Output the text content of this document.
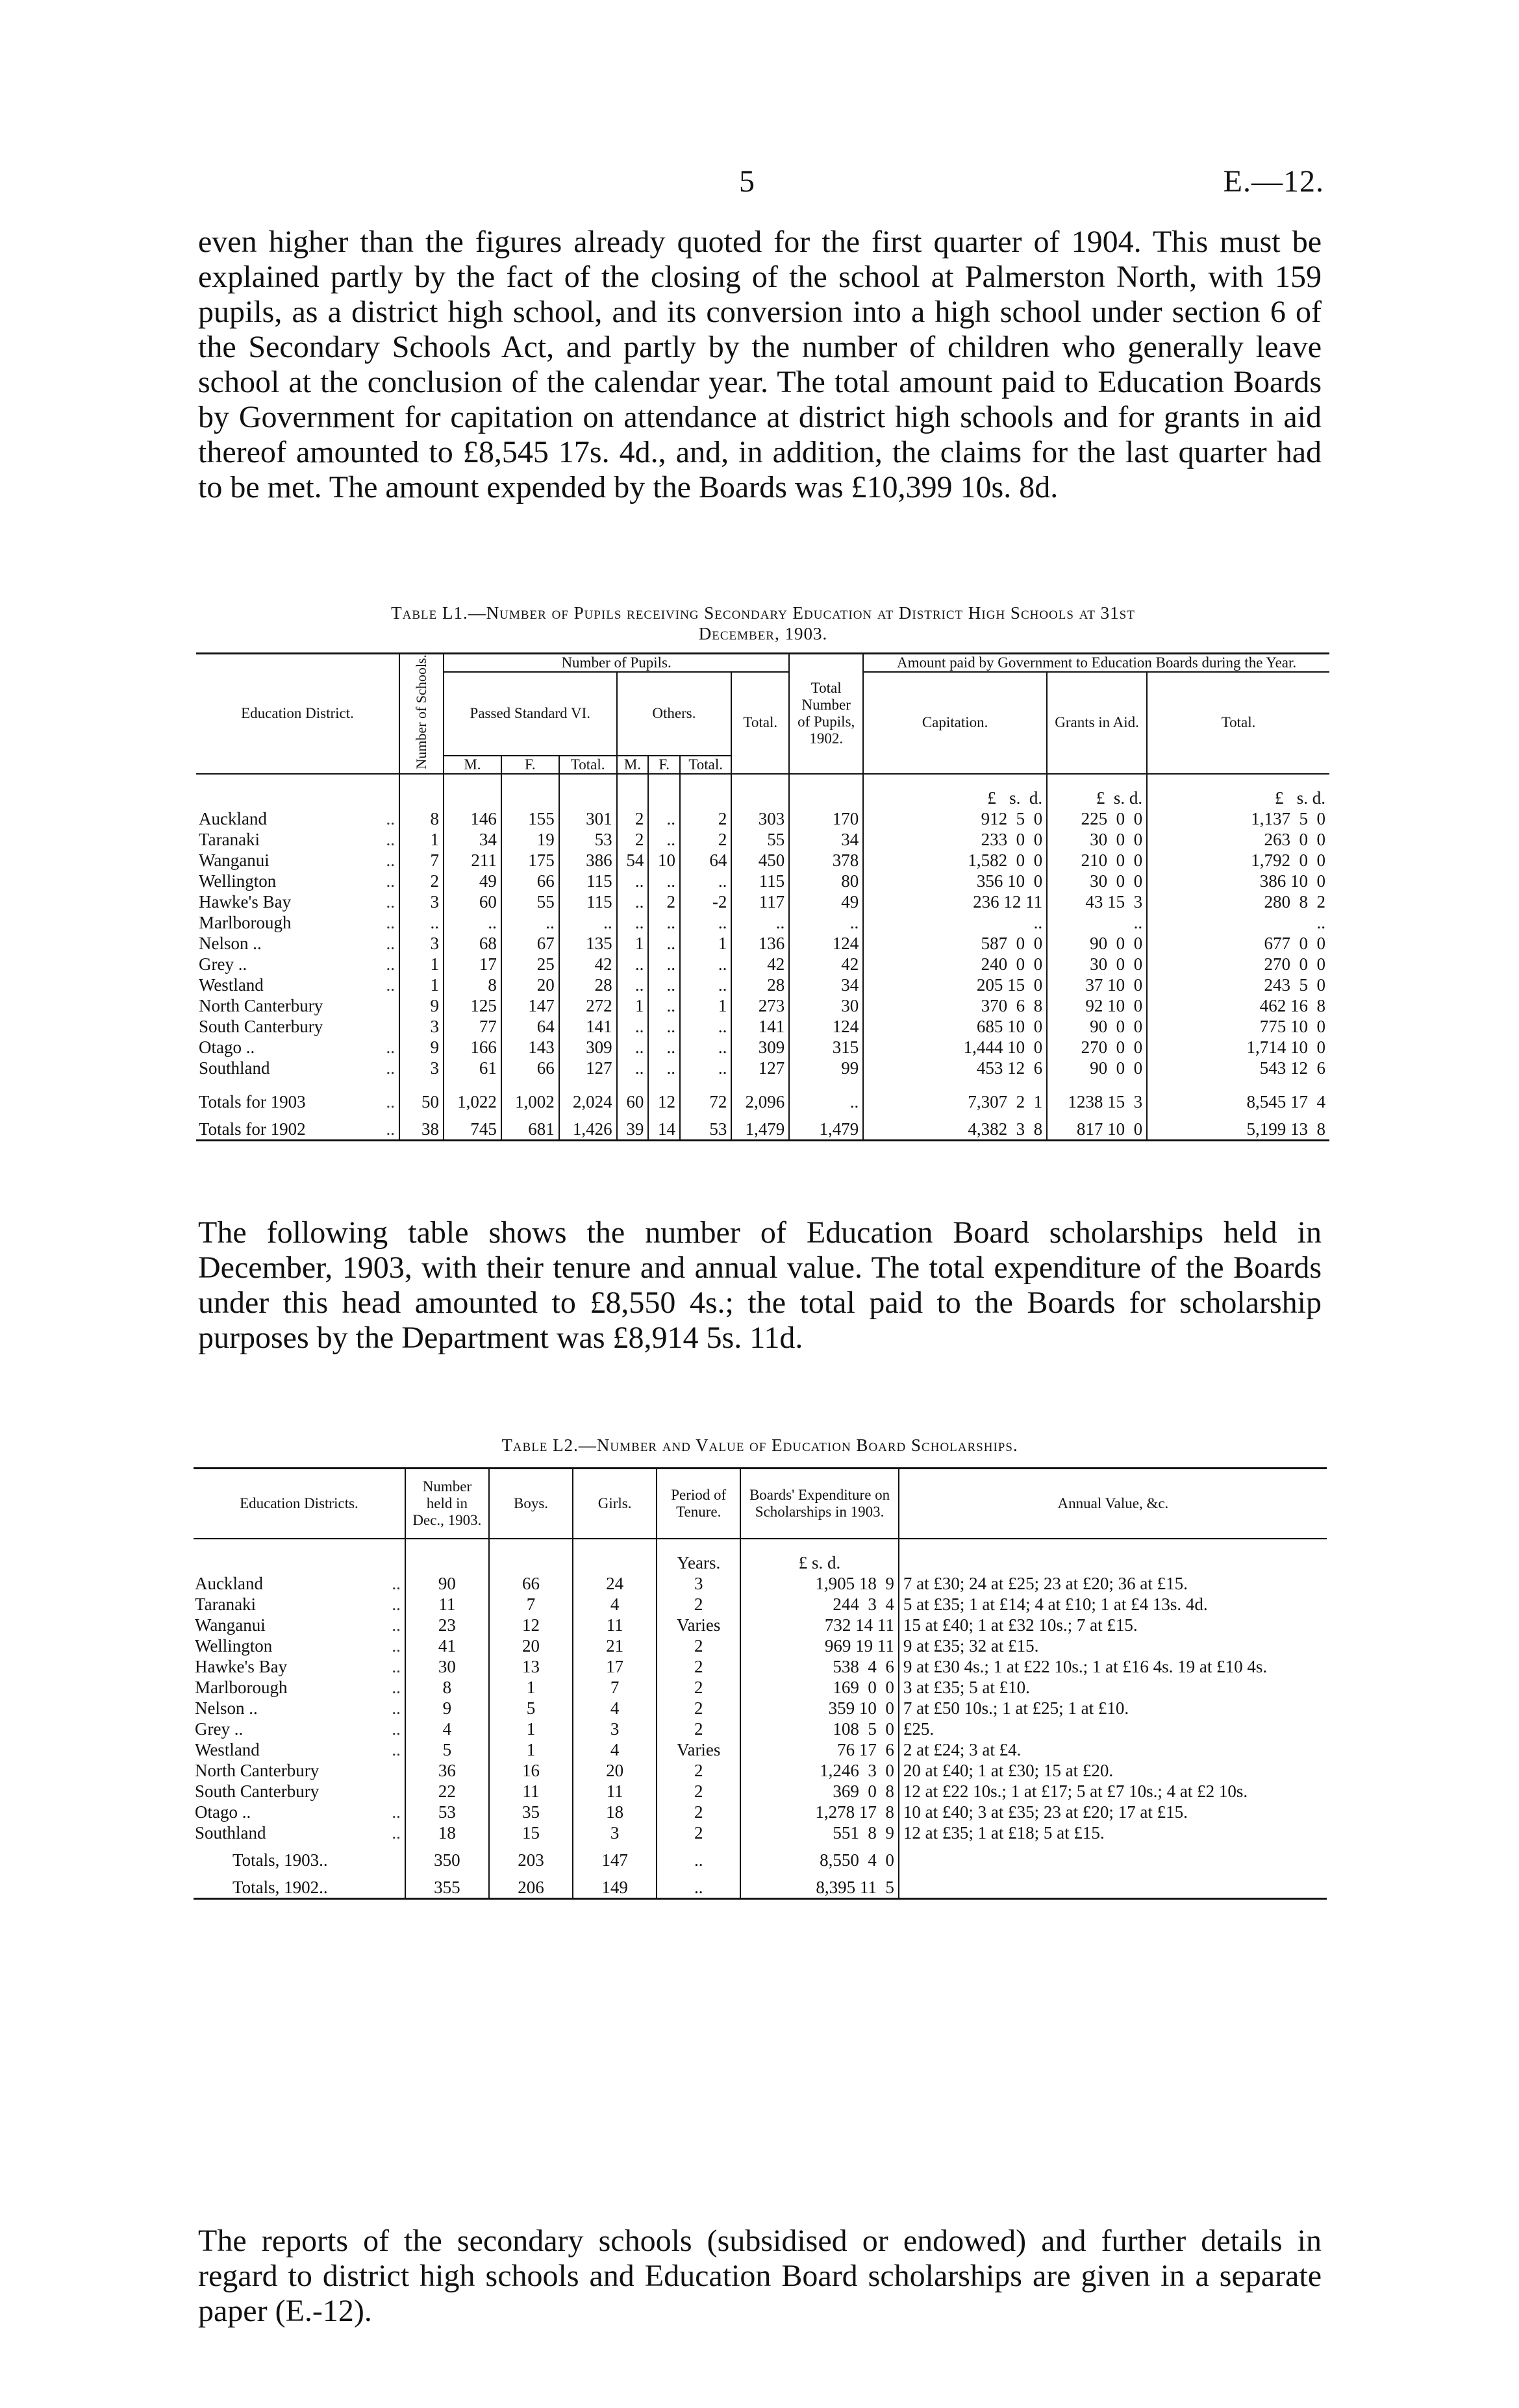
5	E.—12.

even higher than the figures already quoted for the first quarter of 1904. This must be explained partly by the fact of the closing of the school at Palmerston North, with 159 pupils, as a district high school, and its conversion into a high school under section 6 of the Secondary Schools Act, and partly by the number of children who generally leave school at the conclusion of the calendar year. The total amount paid to Education Boards by Government for capitation on attendance at district high schools and for grants in aid thereof amounted to £8,545 17s. 4d., and, in addition, the claims for the last quarter had to be met. The amount expended by the Boards was £10,399 10s. 8d.

Table L1.—Number of Pupils receiving Secondary Education at District High Schools at 31st
December, 1903.
Education District.	Number of Schools.	Number of Pupils.							Total Number of Pupils, 1902.	Amount paid by Government to Education Boards during the Year.		
		Passed Standard VI.			Others.			Total.		Capitation.	Grants in Aid.	Total.
		M.	F.	Total.	M.	F.	Total.					
										£ s. d.	£ s. d.	£ s. d.
Auckland ..	8	146	155	301	2	..	2	303	170	912  5  0	225  0  0	1,137  5  0
Taranaki ..	1	34	19	53	2	..	2	55	34	233  0  0	30  0  0	263  0  0
Wanganui ..	7	211	175	386	54	10	64	450	378	1,582  0  0	210  0  0	1,792  0  0
Wellington ..	2	49	66	115	..	..	..	115	80	356 10  0	30  0  0	386 10  0
Hawke's Bay ..	3	60	55	115	..	2	-2	117	49	236 12 11	43 15  3	280  8  2
Marlborough ..	..	..	..	..	..	..	..	..	..	..	..	..
Nelson .. ..	3	68	67	135	1	..	1	136	124	587  0  0	90  0  0	677  0  0
Grey .. ..	1	17	25	42	..	..	..	42	42	240  0  0	30  0  0	270  0  0
Westland ..	1	8	20	28	..	..	..	28	34	205 15  0	37 10  0	243  5  0
North Canterbury	9	125	147	272	1	..	1	273	30	370  6  8	92 10  0	462 16  8
South Canterbury	3	77	64	141	..	..	..	141	124	685 10  0	90  0  0	775 10  0
Otago .. ..	9	166	143	309	..	..	..	309	315	1,444 10  0	270  0  0	1,714 10  0
Southland ..	3	61	66	127	..	..	..	127	99	453 12  6	90  0  0	543 12  6
Totals for 1903 ..	50	1,022	1,002	2,024	60	12	72	2,096	..	7,307  2  1	1238 15  3	8,545 17  4
Totals for 1902 ..	38	745	681	1,426	39	14	53	1,479	1,479	4,382  3  8	817 10  0	5,199 13  8

The following table shows the number of Education Board scholarships held in December, 1903, with their tenure and annual value. The total expenditure of the Boards under this head amounted to £8,550 4s.; the total paid to the Boards for scholarship purposes by the Department was £8,914 5s. 11d.

Table L2.—Number and Value of Education Board Scholarships.
Education Districts.	Number held in Dec., 1903.	Boys.	Girls.	Period of Tenure.	Boards' Expenditure on Scholarships in 1903.	Annual Value, &c.
				Years.	£ s. d.	
Auckland ..	90	66	24	3	1,905 18  9	7 at £30; 24 at £25; 23 at £20; 36 at £15.
Taranaki ..	11	7	4	2	244  3  4	5 at £35; 1 at £14; 4 at £10; 1 at £4 13s. 4d.
Wanganui ..	23	12	11	Varies	732 14 11	15 at £40; 1 at £32 10s.; 7 at £15.
Wellington ..	41	20	21	2	969 19 11	9 at £35; 32 at £15.
Hawke's Bay ..	30	13	17	2	538  4  6	9 at £30 4s.; 1 at £22 10s.; 1 at £16 4s. 19 at £10 4s.
Marlborough ..	8	1	7	2	169  0  0	3 at £35; 5 at £10.
Nelson .. ..	9	5	4	2	359 10  0	7 at £50 10s.; 1 at £25; 1 at £10.
Grey .. ..	4	1	3	2	108  5  0	£25.
Westland ..	5	1	4	Varies	76 17  6	2 at £24; 3 at £4.
North Canterbury	36	16	20	2	1,246  3  0	20 at £40; 1 at £30; 15 at £20.
South Canterbury	22	11	11	2	369  0  8	12 at £22 10s.; 1 at £17; 5 at £7 10s.; 4 at £2 10s.
Otago .. ..	53	35	18	2	1,278 17  8	10 at £40; 3 at £35; 23 at £20; 17 at £15.
Southland ..	18	15	3	2	551  8  9	12 at £35; 1 at £18; 5 at £15.
Totals, 1903..	350	203	147	..	8,550  4  0	
Totals, 1902..	355	206	149	..	8,395 11  5	

The reports of the secondary schools (subsidised or endowed) and further details in regard to district high schools and Education Board scholarships are given in a separate paper (E.-12).
